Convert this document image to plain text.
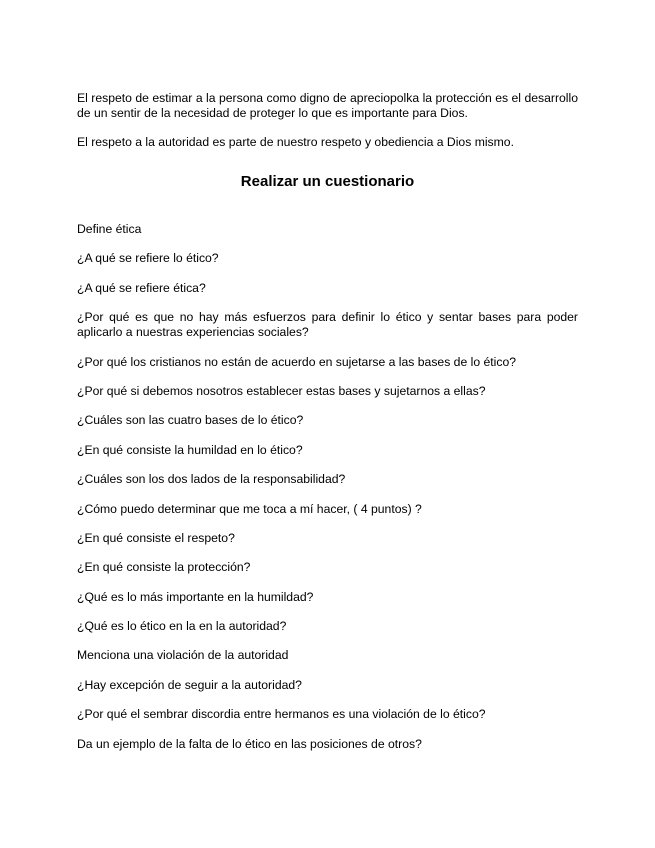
El respeto de estimar a la persona como digno de apreciopolka la protección es el desarrollo de un sentir de la necesidad de proteger lo que es importante para Dios.

El respeto a la autoridad es parte de nuestro respeto y obediencia a Dios mismo.

Realizar un cuestionario
Define ética
¿A qué se refiere lo ético?
¿A qué se refiere ética?
¿Por qué es que no hay más esfuerzos para definir lo ético y sentar bases para poder aplicarlo a nuestras experiencias sociales?
¿Por qué los cristianos no están de acuerdo en sujetarse a las bases de lo ético?
¿Por qué si debemos nosotros establecer estas bases y sujetarnos a ellas?
¿Cuáles son las cuatro bases de lo ético?
¿En qué consiste la humildad en lo ético?
¿Cuáles son los dos lados de la responsabilidad?
¿Cómo puedo determinar que me toca a mí hacer, ( 4 puntos) ?
¿En qué consiste el respeto?
¿En qué consiste la protección?
¿Qué es lo más importante en la humildad?
¿Qué es lo ético en la en la autoridad?
Menciona una violación de la autoridad
¿Hay excepción de seguir a la autoridad?
¿Por qué el sembrar discordia entre hermanos es una violación de lo ético?
Da un ejemplo de la falta de lo ético en las posiciones de otros?
